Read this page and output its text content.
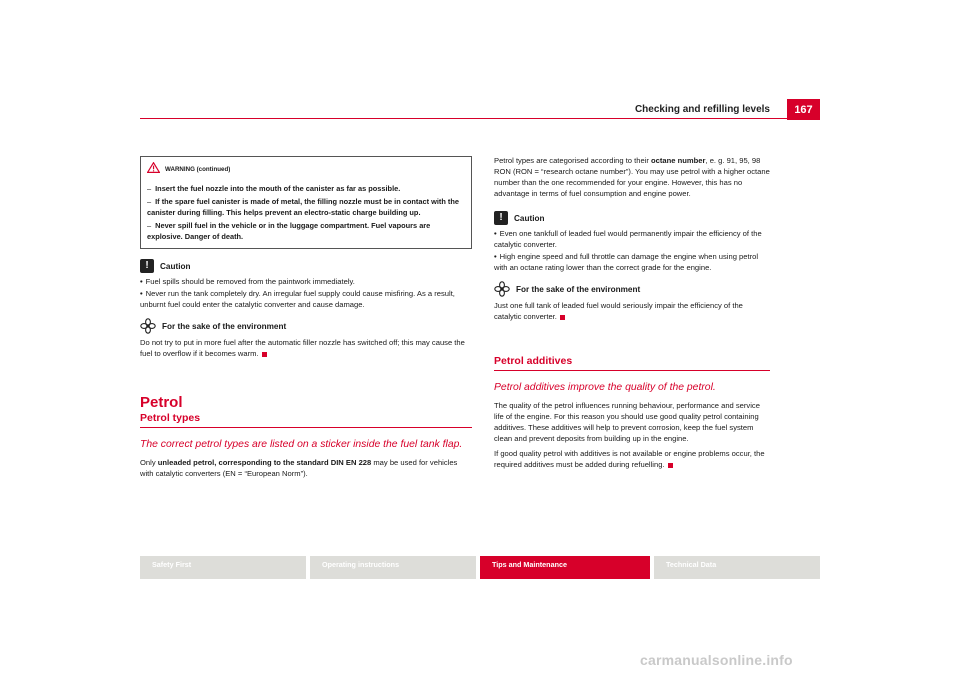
Checking and refilling levels	167
WARNING (continued)
– Insert the fuel nozzle into the mouth of the canister as far as possible.
– If the spare fuel canister is made of metal, the filling nozzle must be in contact with the canister during filling. This helps prevent an electro-static charge building up.
– Never spill fuel in the vehicle or in the luggage compartment. Fuel vapours are explosive. Danger of death.
!	Caution
• Fuel spills should be removed from the paintwork immediately.
• Never run the tank completely dry. An irregular fuel supply could cause misfiring. As a result, unburnt fuel could enter the catalytic converter and cause damage.
For the sake of the environment

Do not try to put in more fuel after the automatic filler nozzle has switched off; this may cause the fuel to overflow if it becomes warm.

Petrol
Petrol types
The correct petrol types are listed on a sticker inside the fuel tank flap.

Only unleaded petrol, corresponding to the standard DIN EN 228 may be used for vehicles with catalytic converters (EN = “European Norm”).

Petrol types are categorised according to their octane number, e. g. 91, 95, 98 RON (RON = “research octane number”). You may use petrol with a higher octane number than the one recommended for your engine. However, this has no advantage in terms of fuel consumption and engine power.

!	Caution
• Even one tankfull of leaded fuel would permanently impair the efficiency of the catalytic converter.
• High engine speed and full throttle can damage the engine when using petrol with an octane rating lower than the correct grade for the engine.
For the sake of the environment

Just one full tank of leaded fuel would seriously impair the efficiency of the catalytic converter.

Petrol additives
Petrol additives improve the quality of the petrol.

The quality of the petrol influences running behaviour, performance and service life of the engine. For this reason you should use good quality petrol containing additives. These additives will help to prevent corrosion, keep the fuel system clean and prevent deposits from building up in the engine.

If good quality petrol with additives is not available or engine problems occur, the required additives must be added during refuelling.

Safety First	Operating instructions	Tips and Maintenance	Technical Data
carmanualsonline.info
